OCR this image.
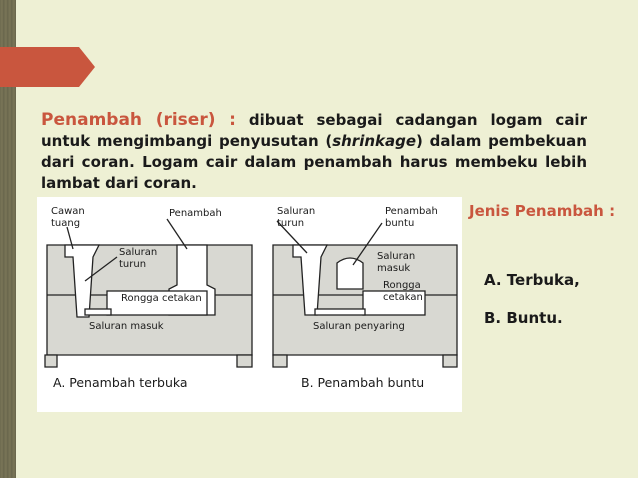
Penambah (riser) : dibuat sebagai cadangan logam cair untuk mengimbangi penyusutan (shrinkage) dalam pembekuan dari coran. Logam cair dalam penambah harus membeku lebih lambat dari coran.

Cawan
tuang
Penambah
Saluran
turun
Rongga cetakan
Saluran masuk
Saluran
turun
Penambah
buntu
Saluran
masuk
Rongga
cetakan
Saluran penyaring
A. Penambah terbuka	B. Penambah buntu

Jenis Penambah :

A. Terbuka,

B. Buntu.
